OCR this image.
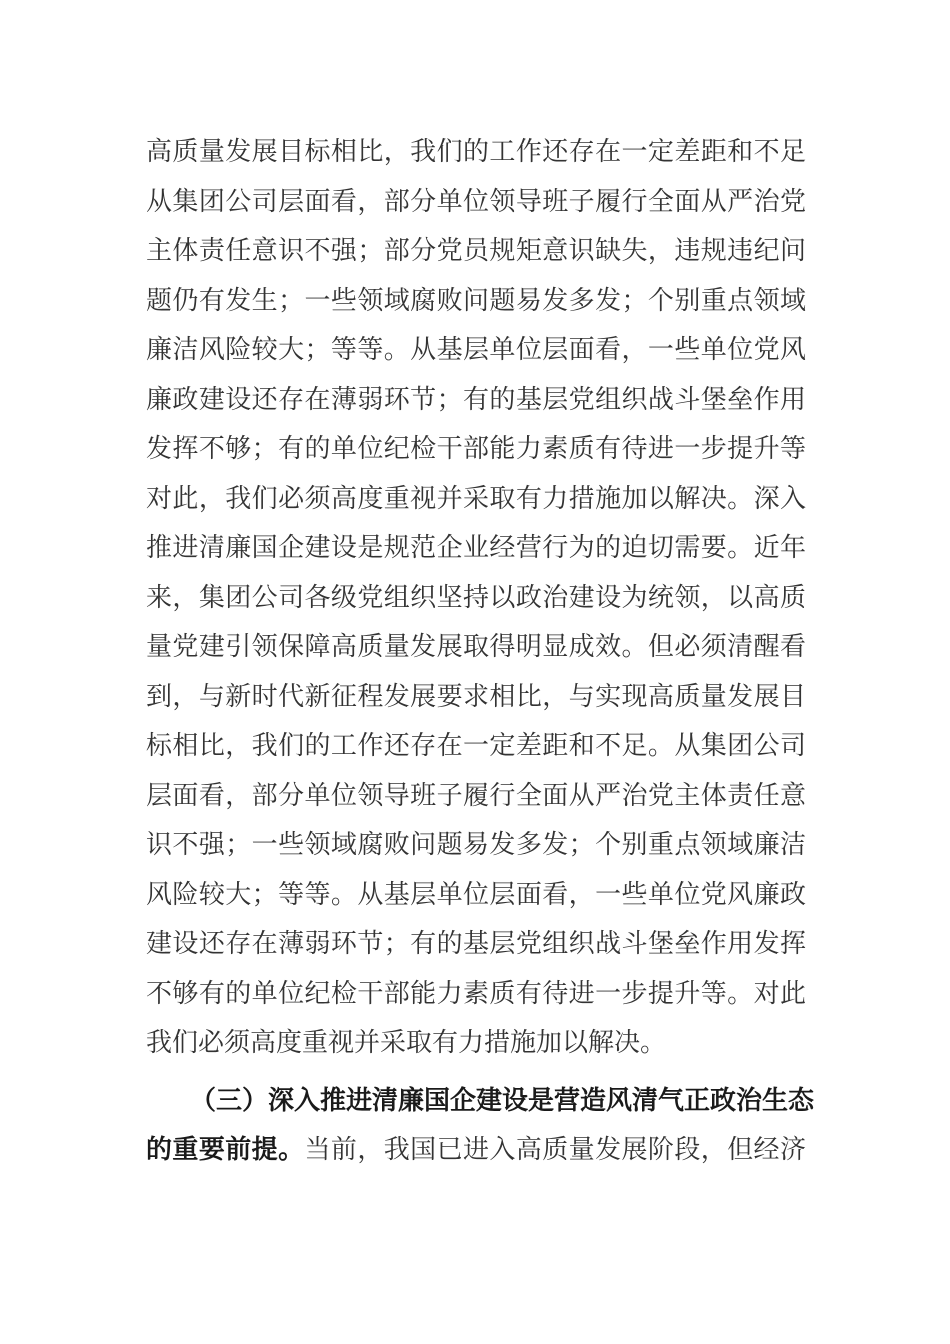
高质量发展目标相比，我们的工作还存在一定差距和不足
从集团公司层面看，部分单位领导班子履行全面从严治党
主体责任意识不强；部分党员规矩意识缺失，违规违纪问
题仍有发生；一些领域腐败问题易发多发；个别重点领域
廉洁风险较大；等等。从基层单位层面看，一些单位党风
廉政建设还存在薄弱环节；有的基层党组织战斗堡垒作用
发挥不够；有的单位纪检干部能力素质有待进一步提升等
对此，我们必须高度重视并采取有力措施加以解决。深入
推进清廉国企建设是规范企业经营行为的迫切需要。近年
来，集团公司各级党组织坚持以政治建设为统领，以高质
量党建引领保障高质量发展取得明显成效。但必须清醒看
到，与新时代新征程发展要求相比，与实现高质量发展目
标相比，我们的工作还存在一定差距和不足。从集团公司
层面看，部分单位领导班子履行全面从严治党主体责任意
识不强；一些领域腐败问题易发多发；个别重点领域廉洁
风险较大；等等。从基层单位层面看，一些单位党风廉政
建设还存在薄弱环节；有的基层党组织战斗堡垒作用发挥
不够有的单位纪检干部能力素质有待进一步提升等。对此
我们必须高度重视并采取有力措施加以解决。
（三）深入推进清廉国企建设是营造风清气正政治生态
的重要前提。当前，我国已进入高质量发展阶段，但经济
